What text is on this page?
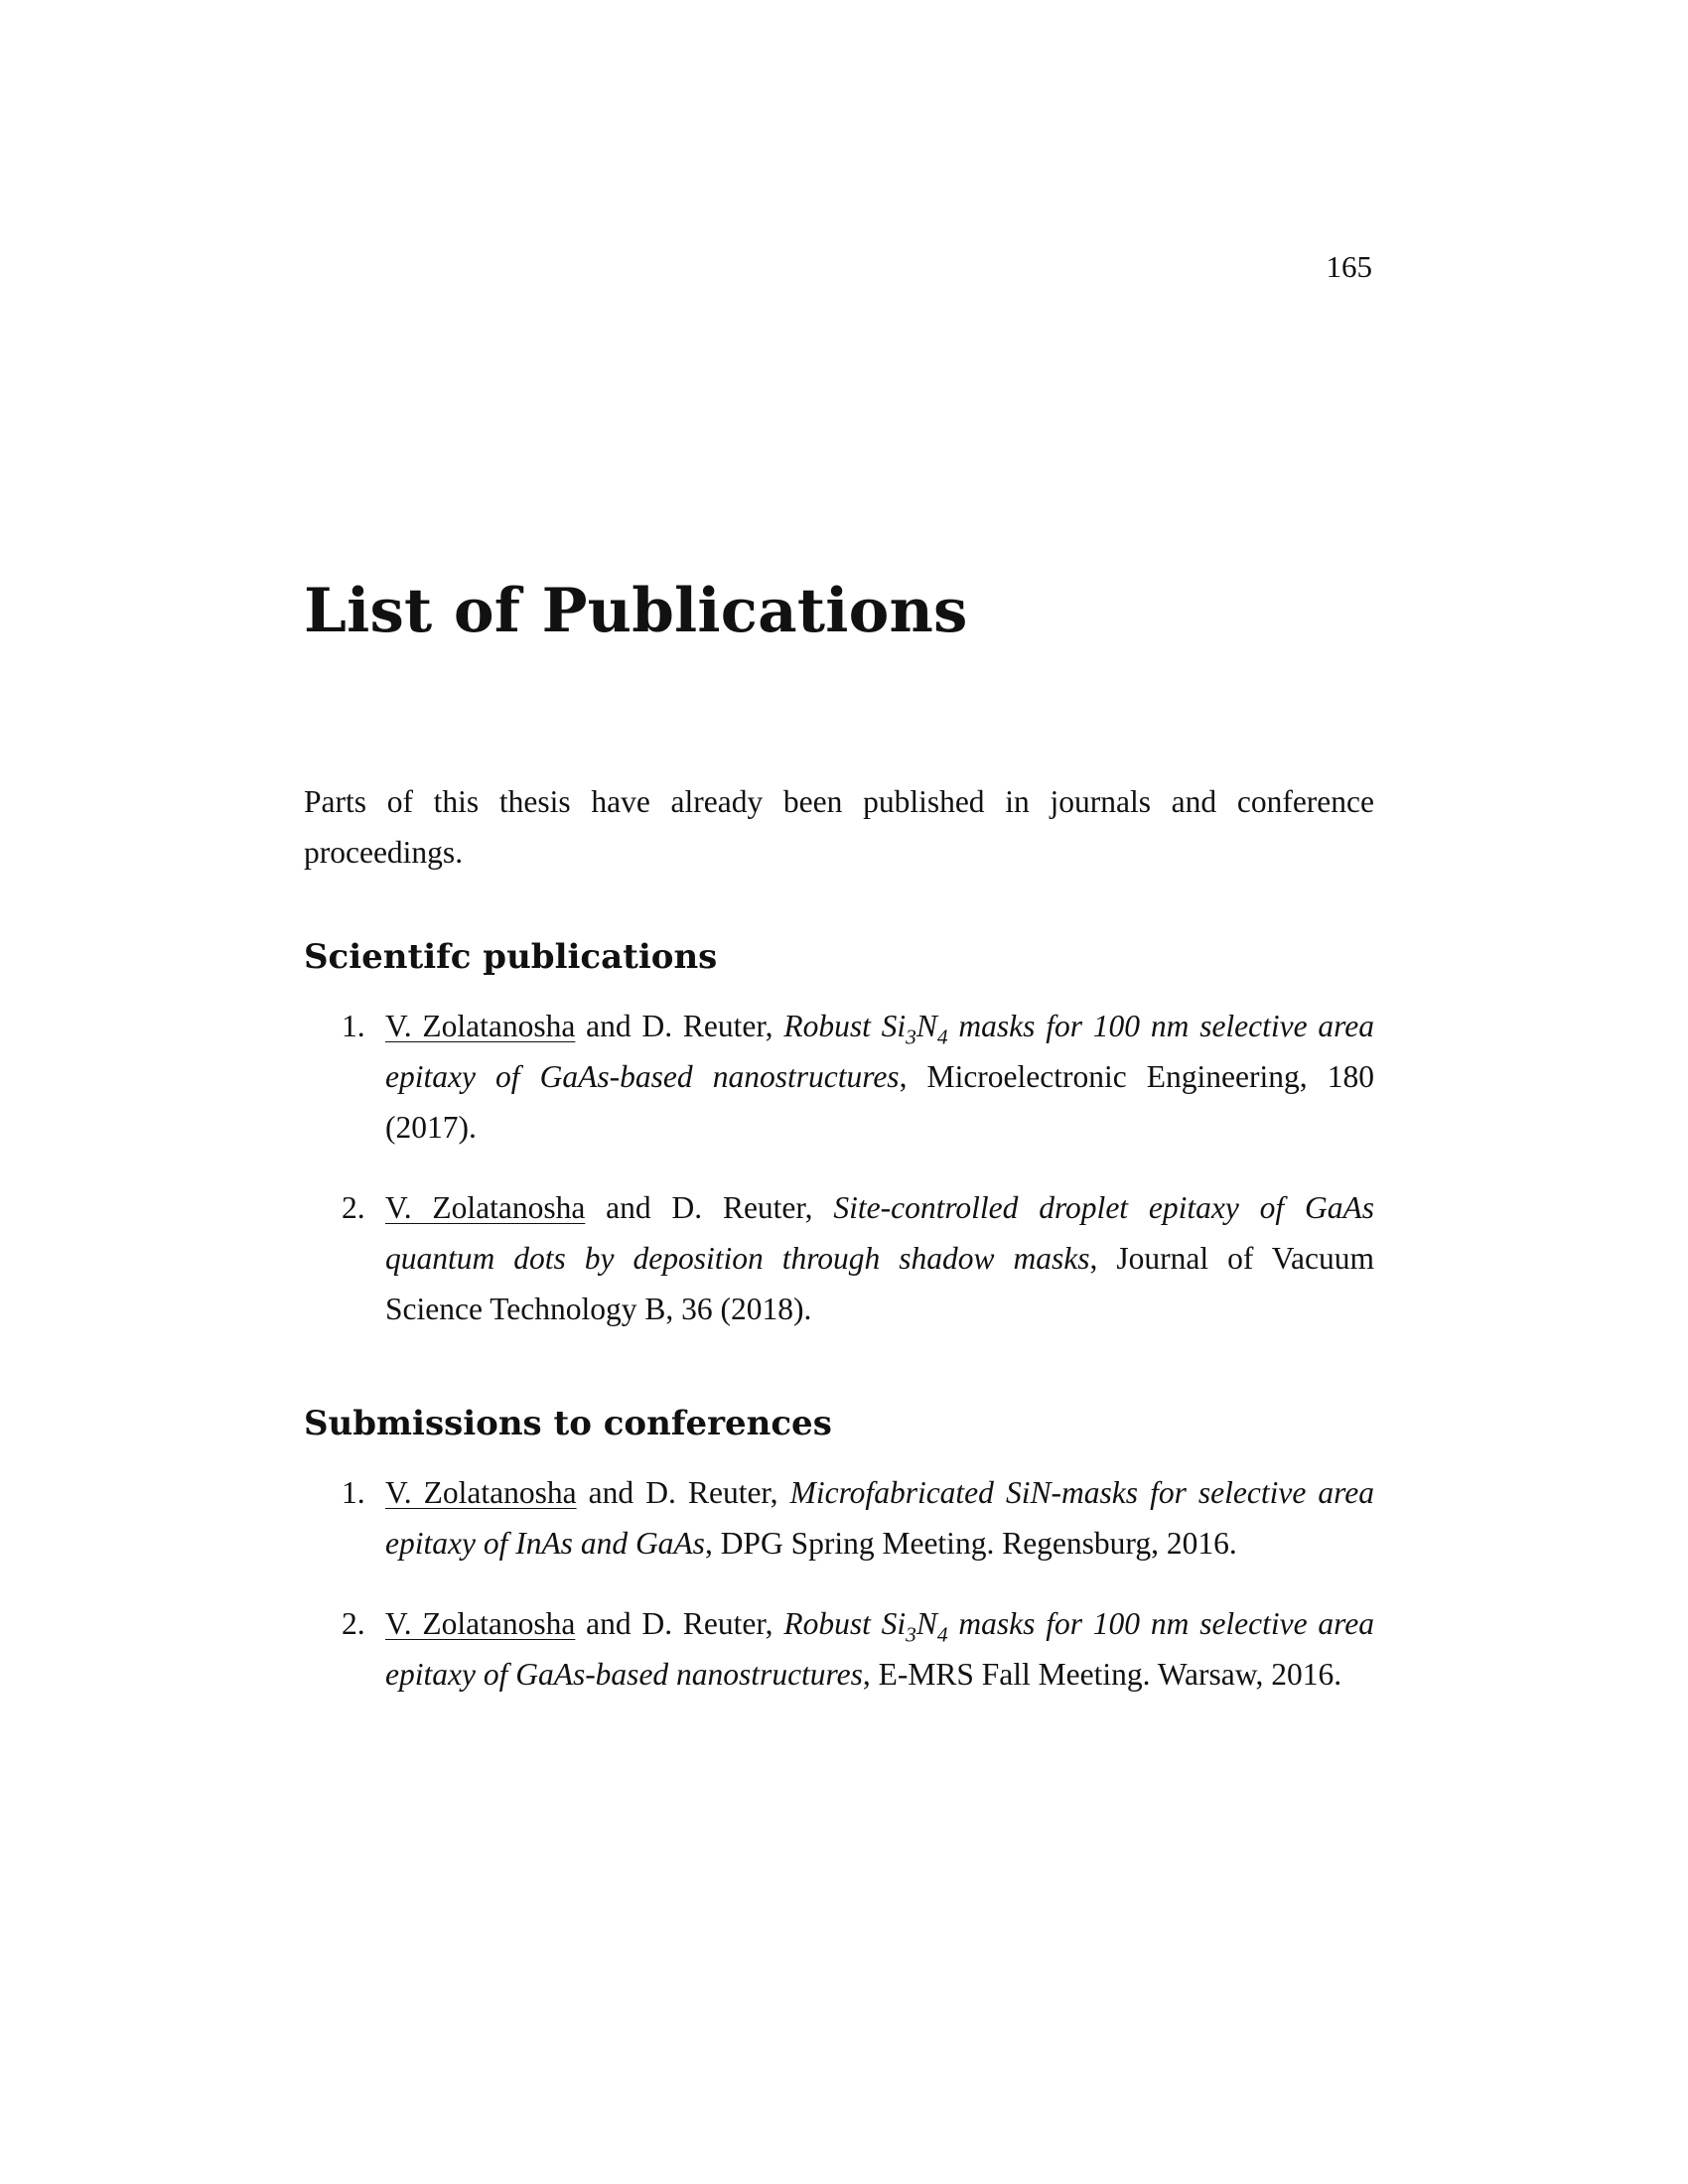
165
List of Publications

Parts of this thesis have already been published in journals and conference proceedings.

Scientifc publications
1. V. Zolatanosha and D. Reuter, Robust $Si_3N_4$ masks for 100 nm selective area epitaxy of GaAs-based nanostructures, Microelectronic Engineering, 180 (2017).
2. V. Zolatanosha and D. Reuter, Site-controlled droplet epitaxy of GaAs quantum dots by deposition through shadow masks, Journal of Vacuum Science Technology B, 36 (2018).
Submissions to conferences
1. V. Zolatanosha and D. Reuter, Microfabricated SiN-masks for selective area epitaxy of InAs and GaAs, DPG Spring Meeting. Regensburg, 2016.
2. V. Zolatanosha and D. Reuter, Robust $Si_3N_4$ masks for 100 nm selective area epitaxy of GaAs-based nanostructures, E-MRS Fall Meeting. Warsaw, 2016.
